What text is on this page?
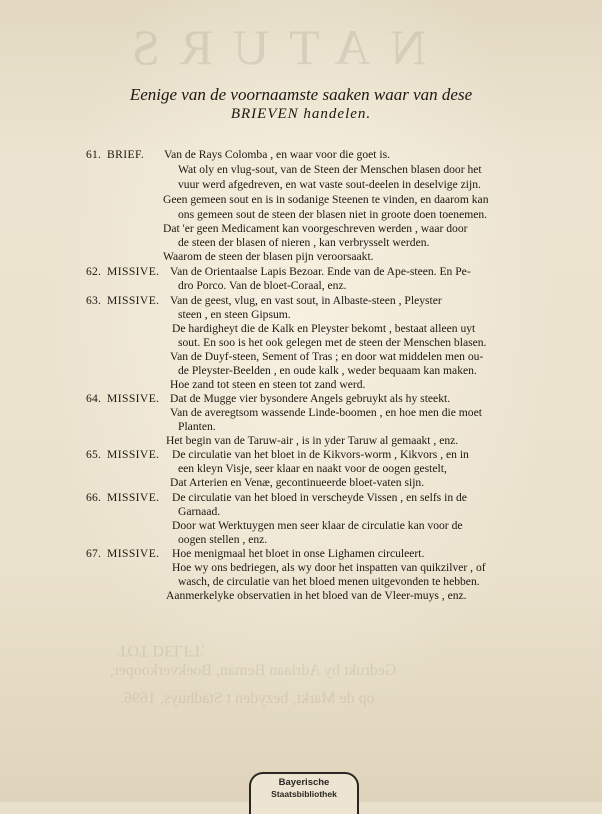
NATURS
TOT DELFT,
Gedrukt by Adriaan Beman, Boekverkooper,
op de Markt, bezyden t Stadhuys, 1696.
Eenige van de voornaamste saaken waar van dese
BRIEVEN handelen.
61. BRIEF. Van de Rays Colomba , en waar voor die goet is.
Wat oly en vlug-sout, van de Steen der Menschen blasen door het
vuur werd afgedreven, en wat vaste sout-deelen in deselvige zijn.
Geen gemeen sout en is in sodanige Steenen te vinden, en daarom kan
ons gemeen sout de steen der blasen niet in groote doen toenemen.
Dat 'er geen Medicament kan voorgeschreven werden , waar door
de steen der blasen of nieren , kan verbrysselt werden.
Waarom de steen der blasen pijn veroorsaakt.
62. MISSIVE. Van de Orientaalse Lapis Bezoar. Ende van de Ape-steen. En Pe-
dro Porco. Van de bloet-Coraal, enz.
63. MISSIVE. Van de geest, vlug, en vast sout, in Albaste-steen , Pleyster
steen , en steen Gipsum.
De hardigheyt die de Kalk en Pleyster bekomt , bestaat alleen uyt
sout. En soo is het ook gelegen met de steen der Menschen blasen.
Van de Duyf-steen, Sement of Tras ; en door wat middelen men ou-
de Pleyster-Beelden , en oude kalk , weder bequaam kan maken.
Hoe zand tot steen en steen tot zand werd.
64. MISSIVE. Dat de Mugge vier bysondere Angels gebruykt als hy steekt.
Van de averegtsom wassende Linde-boomen , en hoe men die moet
Planten.
Het begin van de Taruw-air , is in yder Taruw al gemaakt , enz.
65. MISSIVE. De circulatie van het bloet in de Kikvors-worm , Kikvors , en in
een kleyn Visje, seer klaar en naakt voor de oogen gestelt,
Dat Arterien en Venæ, gecontinueerde bloet-vaten sijn.
66. MISSIVE. De circulatie van het bloed in verscheyde Vissen , en selfs in de
Garnaad.
Door wat Werktuygen men seer klaar de circulatie kan voor de
oogen stellen , enz.
67. MISSIVE. Hoe menigmaal het bloet in onse Lighamen circuleert.
Hoe wy ons bedriegen, als wy door het inspatten van quikzilver , of
wasch, de circulatie van het bloed menen uitgevonden te hebben.
Aanmerkelyke observatien in het bloed van de Vleer-muys , enz.
Bayerische
Staatsbibliothek
